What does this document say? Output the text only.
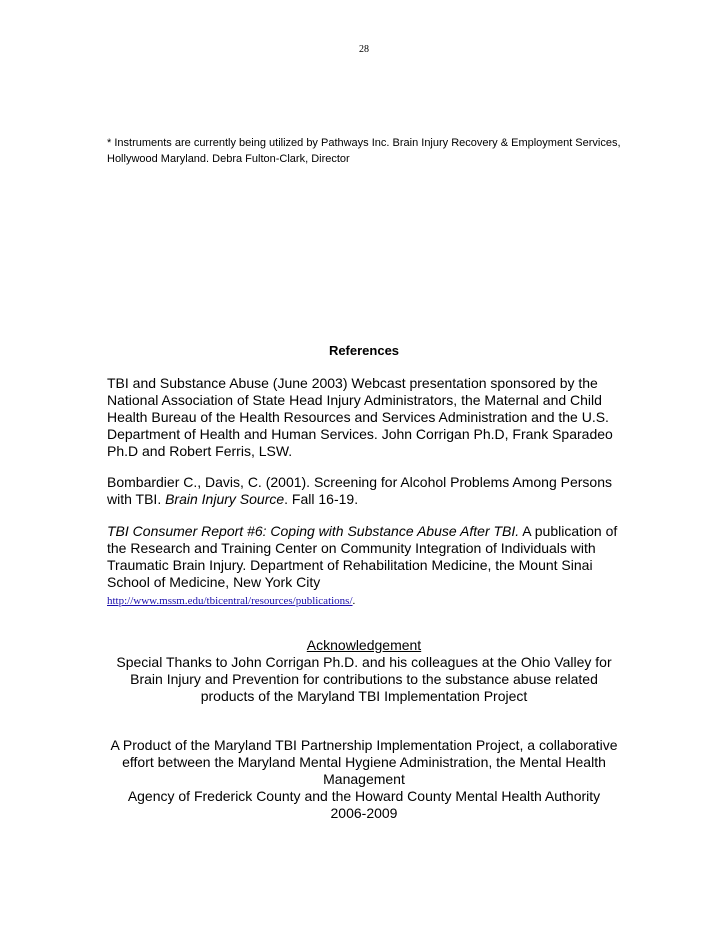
28
* Instruments are currently being utilized by Pathways Inc. Brain Injury Recovery & Employment Services, Hollywood Maryland. Debra Fulton-Clark, Director
References
TBI and Substance Abuse (June 2003) Webcast presentation sponsored by the National Association of State Head Injury Administrators, the Maternal and Child Health Bureau of the Health Resources and Services Administration and the U.S. Department of Health and Human Services. John Corrigan Ph.D, Frank Sparadeo Ph.D and Robert Ferris, LSW.
Bombardier C., Davis, C. (2001). Screening for Alcohol Problems Among Persons with TBI. Brain Injury Source. Fall 16-19.
TBI Consumer Report #6: Coping with Substance Abuse After TBI. A publication of the Research and Training Center on Community Integration of Individuals with Traumatic Brain Injury. Department of Rehabilitation Medicine, the Mount Sinai School of Medicine, New York City
http://www.mssm.edu/tbicentral/resources/publications/.
Acknowledgement
Special Thanks to John Corrigan Ph.D. and his colleagues at the Ohio Valley for Brain Injury and Prevention for contributions to the substance abuse related products of the Maryland TBI Implementation Project
A Product of the Maryland TBI Partnership Implementation Project, a collaborative effort between the Maryland Mental Hygiene Administration, the Mental Health Management
Agency of Frederick County and the Howard County Mental Health Authority
2006-2009
